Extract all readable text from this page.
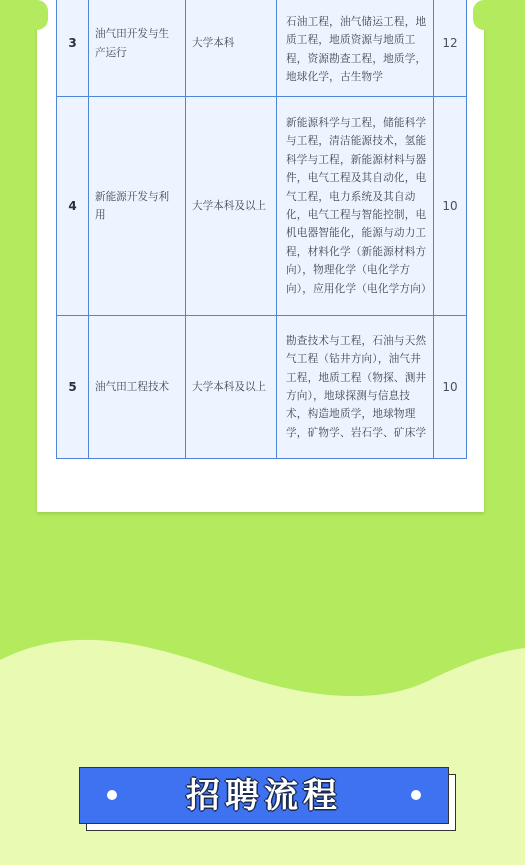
3	油气田开发与生产运行	大学本科	石油工程，油气储运工程，地质工程，地质资源与地质工程，资源勘查工程，地质学，地球化学，古生物学	12
4	新能源开发与利用	大学本科及以上	新能源科学与工程，储能科学与工程，清洁能源技术，氢能科学与工程，新能源材料与器件，电气工程及其自动化，电气工程，电力系统及其自动化，电气工程与智能控制，电机电器智能化，能源与动力工程，材料化学（新能源材料方向），物理化学（电化学方向），应用化学（电化学方向）	10
5	油气田工程技术	大学本科及以上	勘查技术与工程，石油与天然气工程（钻井方向），油气井工程，地质工程（物探、测井方向），地球探测与信息技术，构造地质学，地球物理学，矿物学、岩石学、矿床学	10
招聘流程
